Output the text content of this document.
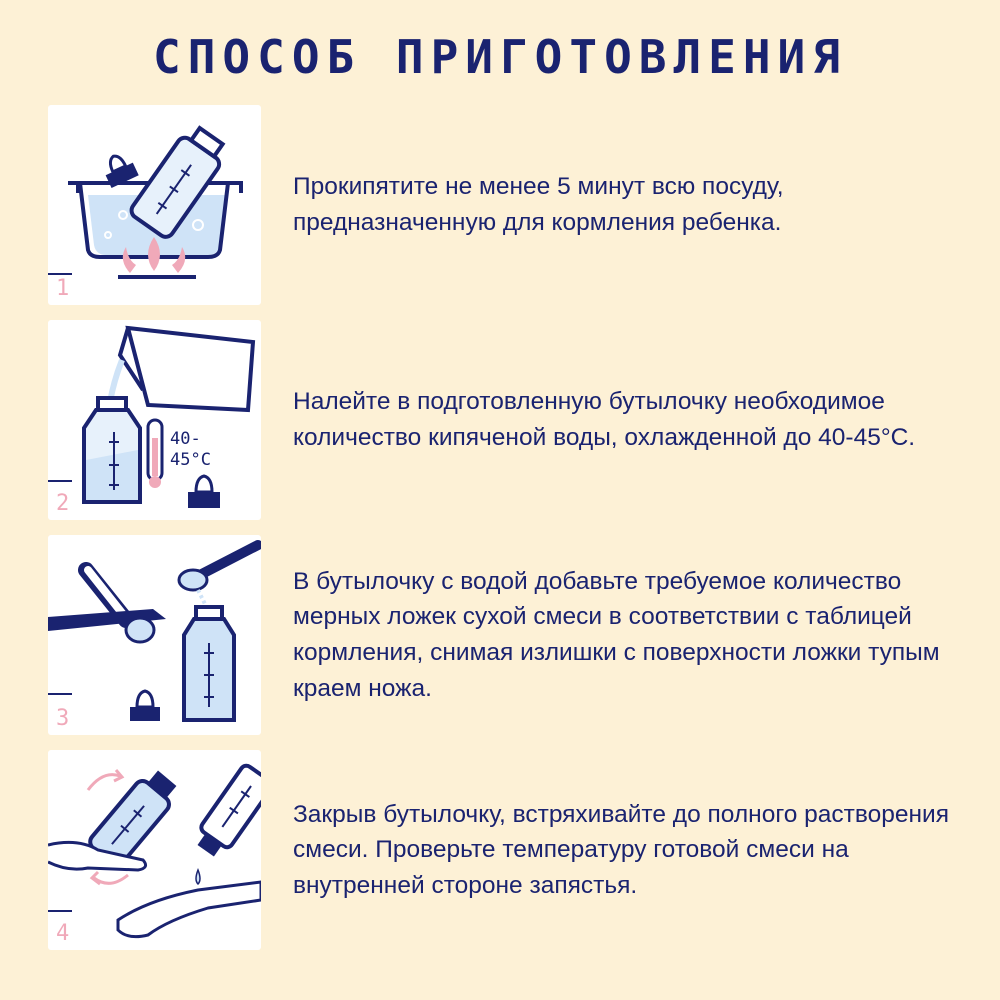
СПОСОБ ПРИГОТОВЛЕНИЯ
1
Прокипятите не менее 5 минут всю посуду, предназначенную для кормления ребенка.
40- 45°C
2
Налейте в подготовленную бутылочку необходимое количество кипяченой воды, охлажденной до 40-45°C.
3
В бутылочку с водой добавьте требуемое количество мерных ложек сухой смеси в соответствии с таблицей кормления, снимая излишки с поверхности ложки тупым краем ножа.
4
Закрыв бутылочку, встряхивайте до полного растворения смеси. Проверьте температуру готовой смеси на внутренней стороне запястья.
